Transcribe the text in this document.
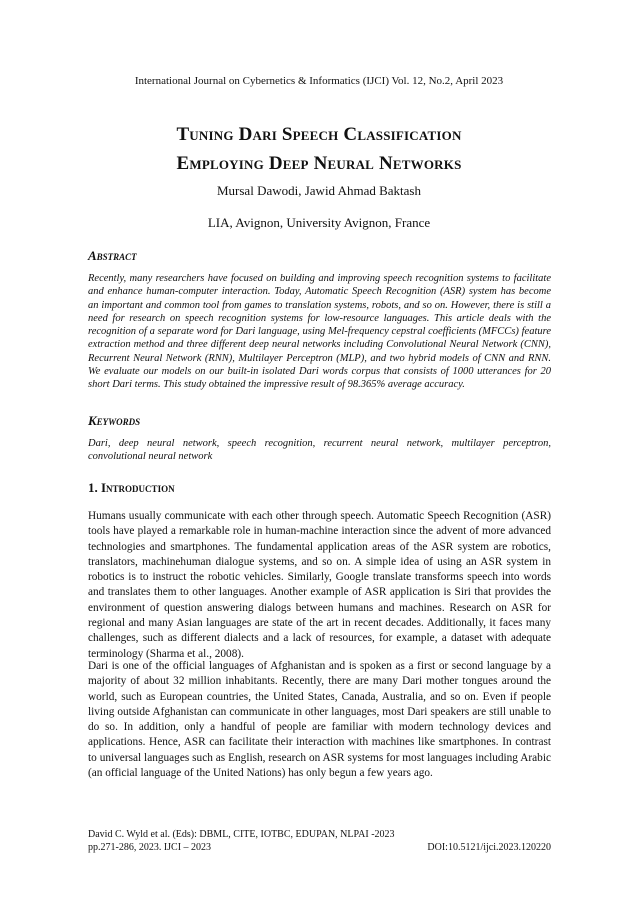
International Journal on Cybernetics & Informatics (IJCI) Vol. 12, No.2, April 2023
Tuning Dari Speech Classification
Employing Deep Neural Networks
Mursal Dawodi, Jawid Ahmad Baktash
LIA, Avignon, University Avignon, France
Abstract
Recently, many researchers have focused on building and improving speech recognition systems to facilitate and enhance human-computer interaction. Today, Automatic Speech Recognition (ASR) system has become an important and common tool from games to translation systems, robots, and so on. However, there is still a need for research on speech recognition systems for low-resource languages. This article deals with the recognition of a separate word for Dari language, using Mel-frequency cepstral coefficients (MFCCs) feature extraction method and three different deep neural networks including Convolutional Neural Network (CNN), Recurrent Neural Network (RNN), Multilayer Perceptron (MLP), and two hybrid models of CNN and RNN. We evaluate our models on our built-in isolated Dari words corpus that consists of 1000 utterances for 20 short Dari terms. This study obtained the impressive result of 98.365% average accuracy.
Keywords
Dari, deep neural network, speech recognition, recurrent neural network, multilayer perceptron, convolutional neural network
1. Introduction
Humans usually communicate with each other through speech. Automatic Speech Recognition (ASR) tools have played a remarkable role in human-machine interaction since the advent of more advanced technologies and smartphones. The fundamental application areas of the ASR system are robotics, translators, machinehuman dialogue systems, and so on. A simple idea of using an ASR system in robotics is to instruct the robotic vehicles. Similarly, Google translate transforms speech into words and translates them to other languages. Another example of ASR application is Siri that provides the environment of question answering dialogs between humans and machines. Research on ASR for regional and many Asian languages are state of the art in recent decades. Additionally, it faces many challenges, such as different dialects and a lack of resources, for example, a dataset with adequate terminology (Sharma et al., 2008).
Dari is one of the official languages of Afghanistan and is spoken as a first or second language by a majority of about 32 million inhabitants. Recently, there are many Dari mother tongues around the world, such as European countries, the United States, Canada, Australia, and so on. Even if people living outside Afghanistan can communicate in other languages, most Dari speakers are still unable to do so. In addition, only a handful of people are familiar with modern technology devices and applications. Hence, ASR can facilitate their interaction with machines like smartphones. In contrast to universal languages such as English, research on ASR systems for most languages including Arabic (an official language of the United Nations) has only begun a few years ago.
David C. Wyld et al. (Eds): DBML, CITE, IOTBC, EDUPAN, NLPAI -2023
pp.271-286, 2023. IJCI – 2023	DOI:10.5121/ijci.2023.120220
